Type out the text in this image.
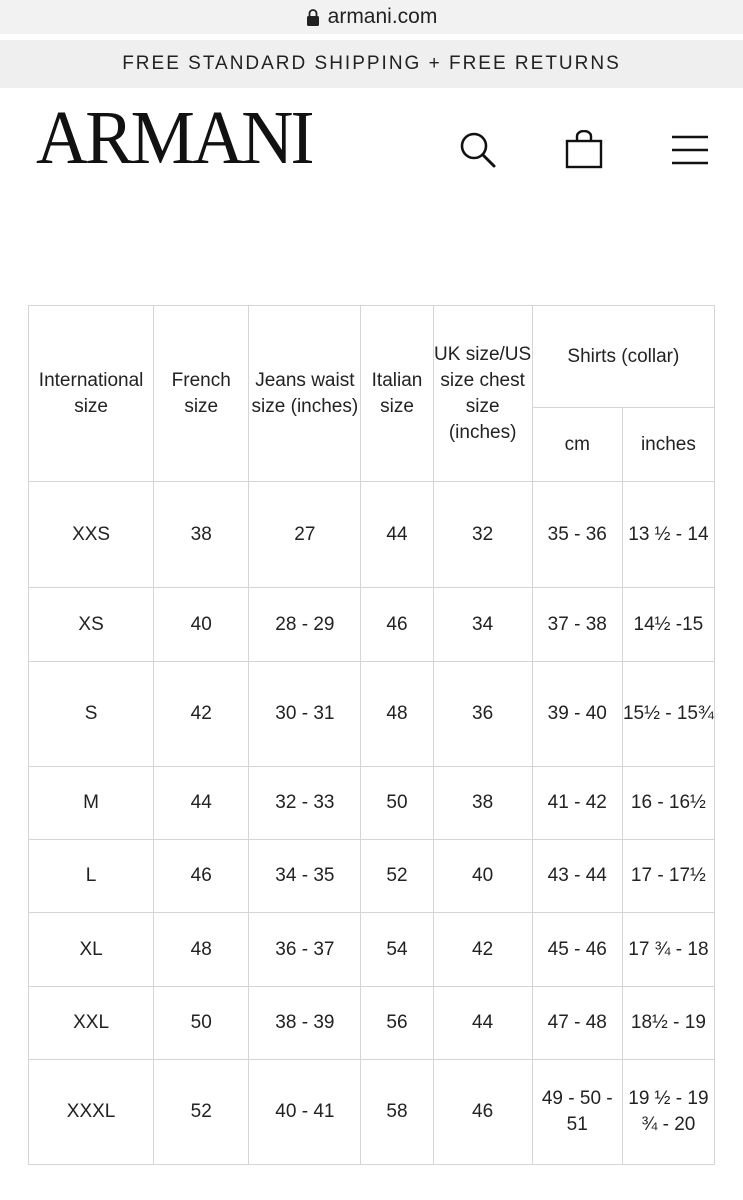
armani.com
FREE STANDARD SHIPPING + FREE RETURNS
ARMANI
International size	French size	Jeans waist size (inches)	Italian size	UK size/US size chest size (inches)	Shirts (collar)	
					cm	inches
XXS	38	27	44	32	35 - 36	13 ½ - 14
XS	40	28 - 29	46	34	37 - 38	14½ -15
S	42	30 - 31	48	36	39 - 40	15½ - 15¾
M	44	32 - 33	50	38	41 - 42	16 - 16½
L	46	34 - 35	52	40	43 - 44	17 - 17½
XL	48	36 - 37	54	42	45 - 46	17 ¾ - 18
XXL	50	38 - 39	56	44	47 - 48	18½ - 19
XXXL	52	40 - 41	58	46	49 - 50 - 51	19 ½ - 19 ¾ - 20
